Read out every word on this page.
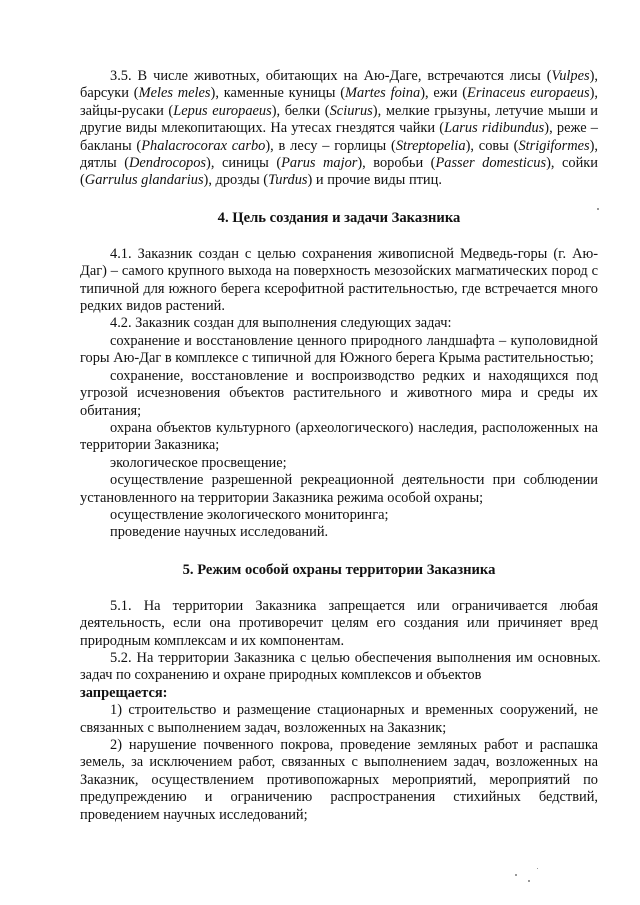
3.5. В числе животных, обитающих на Аю-Даге, встречаются лисы (Vulpes), барсуки (Meles meles), каменные куницы (Martes foina), ежи (Erinaceus europaeus), зайцы-русаки (Lepus europaeus), белки (Sciurus), мелкие грызуны, летучие мыши и другие виды млекопитающих. На утесах гнездятся чайки (Larus ridibundus), реже – бакланы (Phalacrocorax carbo), в лесу – горлицы (Streptopelia), совы (Strigiformes), дятлы (Dendrocopos), синицы (Parus major), воробьи (Passer domesticus), сойки (Garrulus glandarius), дрозды (Turdus) и прочие виды птиц.

4. Цель создания и задачи Заказника

4.1. Заказник создан с целью сохранения живописной Медведь-горы (г. Аю-Даг) – самого крупного выхода на поверхность мезозойских магматических пород с типичной для южного берега ксерофитной растительностью, где встречается много редких видов растений.

4.2. Заказник создан для выполнения следующих задач:

сохранение и восстановление ценного природного ландшафта – куполовидной горы Аю-Даг в комплексе с типичной для Южного берега Крыма растительностью;

сохранение, восстановление и воспроизводство редких и находящихся под угрозой исчезновения объектов растительного и животного мира и среды их обитания;

охрана объектов культурного (археологического) наследия, расположенных на территории Заказника;

экологическое просвещение;

осуществление разрешенной рекреационной деятельности при соблюдении установленного на территории Заказника режима особой охраны;

осуществление экологического мониторинга;

проведение научных исследований.

5. Режим особой охраны территории Заказника

5.1. На территории Заказника запрещается или ограничивается любая деятельность, если она противоречит целям его создания или причиняет вред природным комплексам и их компонентам.

5.2. На территории Заказника с целью обеспечения выполнения им основных задач по сохранению и охране природных комплексов и объектов
запрещается:

1) строительство и размещение стационарных и временных сооружений, не связанных с выполнением задач, возложенных на Заказник;

2) нарушение почвенного покрова, проведение земляных работ и распашка земель, за исключением работ, связанных с выполнением задач, возложенных на Заказник, осуществлением противопожарных мероприятий, мероприятий по предупреждению и ограничению распространения стихийных бедствий, проведением научных исследований;
